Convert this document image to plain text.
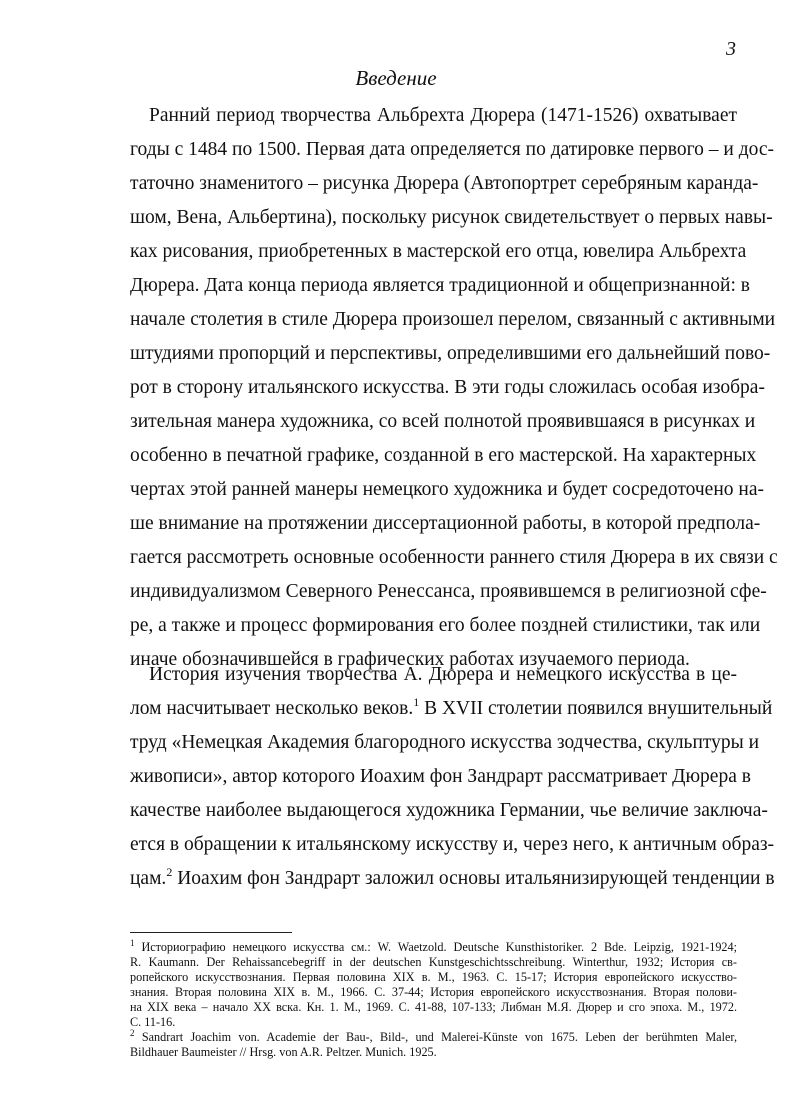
3
Введение
Ранний период творчества Альбрехта Дюрера (1471-1526) охватывает
годы с 1484 по 1500. Первая дата определяется по датировке первого – и дос-
таточно знаменитого – рисунка Дюрера (Автопортрет серебряным каранда-
шом, Вена, Альбертина), поскольку рисунок свидетельствует о первых навы-
ках рисования, приобретенных в мастерской его отца, ювелира Альбрехта
Дюрера. Дата конца периода является традиционной и общепризнанной: в
начале столетия в стиле Дюрера произошел перелом, связанный с активными
штудиями пропорций и перспективы, определившими его дальнейший пово-
рот в сторону итальянского искусства. В эти годы сложилась особая изобра-
зительная манера художника, со всей полнотой проявившаяся в рисунках и
особенно в печатной графике, созданной в его мастерской. На характерных
чертах этой ранней манеры немецкого художника и будет сосредоточено на-
ше внимание на протяжении диссертационной работы, в которой предпола-
гается рассмотреть основные особенности раннего стиля Дюрера в их связи с
индивидуализмом Северного Ренессанса, проявившемся в религиозной сфе-
ре, а также и процесс формирования его более поздней стилистики, так или
иначе обозначившейся в графических работах изучаемого периода.
История изучения творчества А. Дюрера и немецкого искусства в це-
лом насчитывает несколько веков.$^1$ В XVII столетии появился внушительный
труд «Немецкая Академия благородного искусства зодчества, скульптуры и
живописи», автор которого Иоахим фон Зандрарт рассматривает Дюрера в
качестве наиболее выдающегося художника Германии, чье величие заключа-
ется в обращении к итальянскому искусству и, через него, к античным образ-
цам.$^2$ Иоахим фон Зандрарт заложил основы итальянизирующей тенденции в
$^1$ Историографию немецкого искусства см.: W. Waetzold. Deutsche Kunsthistoriker. 2 Bde. Leipzig, 1921-1924;
R. Kaumann. Der Rehaissancebegriff in der deutschen Kunstgeschichtsschreibung. Winterthur, 1932; История св-
ропейского искусствознания. Первая половина XIX в. М., 1963. С. 15-17; История европейского искусство-
знания. Вторая половина XIX в. М., 1966. С. 37-44; История европейского искусствознания. Вторая полови-
на XIX века – начало XX вска. Кн. 1. М., 1969. С. 41-88, 107-133; Либман М.Я. Дюрер и сго эпоха. М., 1972.
С. 11-16.
$^2$ Sandrart Joachim von. Academie der Bau-, Bild-, und Malerei-Künste von 1675. Leben der berühmten Maler,
Bildhauer Baumeister // Hrsg. von A.R. Peltzer. Munich. 1925.
